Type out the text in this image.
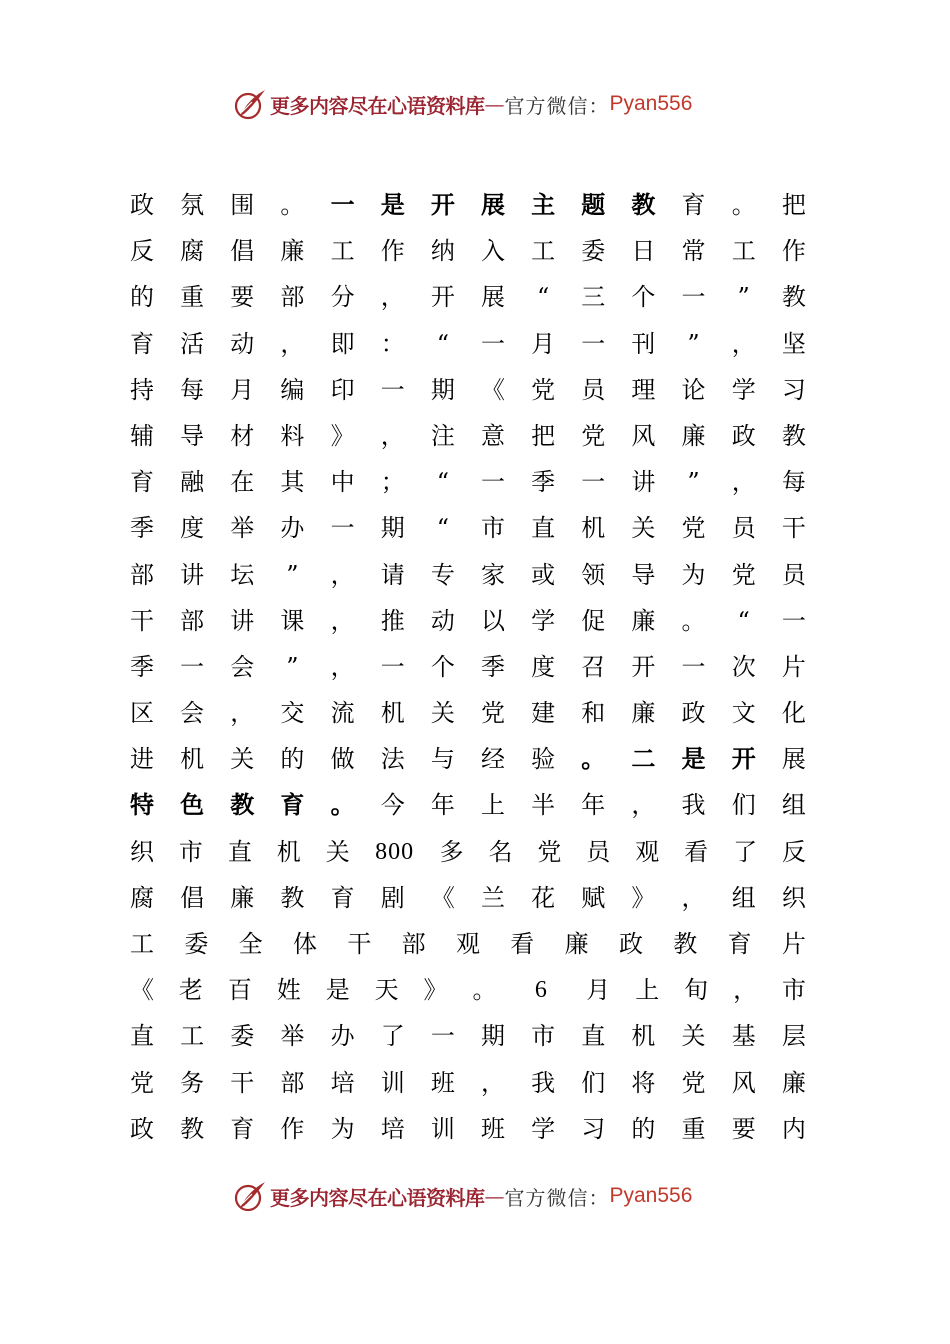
更多内容尽在心语资料库 — 官方微信： Pyan556
政 氛 围 。 一 是 开 展 主 题 教 育 。 把
反 腐 倡 廉 工 作 纳 入 工 委 日 常 工 作
的 重 要 部 分 ， 开 展	“	三 个 一	”	教
育 活 动 ， 即 ：	“	一 月 一 刊	”	， 坚
持 每 月 编 印 一 期 《 党 员 理 论 学 习
辅 导 材 料 》 ， 注 意 把 党 风 廉 政 教
育 融 在 其 中 ；	“	一 季 一 讲	”	， 每
季 度 举 办 一 期	“	市 直 机 关 党 员 干
部 讲 坛	”	， 请 专 家 或 领 导 为 党 员
干 部 讲 课 ， 推 动 以 学 促 廉 。	“	一
季 一 会	”	， 一 个 季 度 召 开 一 次 片
区 会 ， 交 流 机 关 党 建 和 廉 政 文 化
进 机 关 的 做 法 与 经 验 。 二 是 开 展
特 色 教 育 。 今 年 上 半 年 ， 我 们 组
织 市 直 机 关 800 多 名 党 员 观 看 了 反
腐 倡 廉 教 育 剧 《 兰 花 赋 》 ， 组 织
工 委 全 体 干 部 观 看 廉 政 教 育 片
《 老 百 姓 是 天 》 。	6	月 上 旬 ， 市
直 工 委 举 办 了 一 期 市 直 机 关 基 层
党 务 干 部 培 训 班 ， 我 们 将 党 风 廉
政 教 育 作 为 培 训 班 学 习 的 重 要 内
更多内容尽在心语资料库 — 官方微信： Pyan556
